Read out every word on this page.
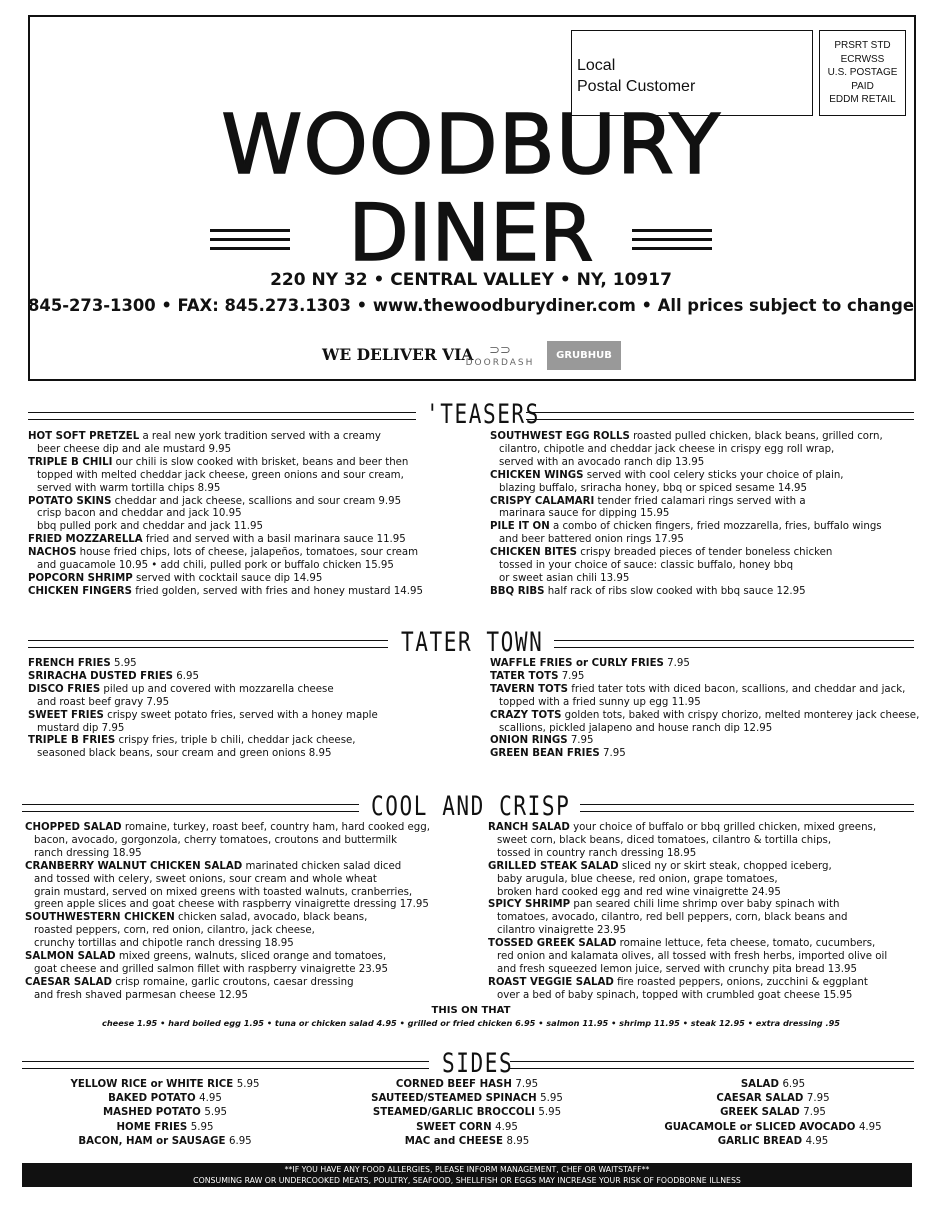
Local
Postal Customer
PRSRT STD
ECRWSS
U.S. POSTAGE
PAID
EDDM RETAIL
WOODBURY
DINER
220 NY 32 • CENTRAL VALLEY • NY, 10917
845-273-1300 • FAX: 845.273.1303 • www.thewoodburydiner.com • All prices subject to change
WE DELIVER VIA	⊃⊃
DOORDASH
GRUBHUB
'TEASERS
HOT SOFT PRETZEL a real new york tradition served with a creamy
beer cheese dip and ale mustard 9.95
TRIPLE B CHILI our chili is slow cooked with brisket, beans and beer then
topped with melted cheddar jack cheese, green onions and sour cream,
served with warm tortilla chips 8.95
POTATO SKINS cheddar and jack cheese, scallions and sour cream 9.95
crisp bacon and cheddar and jack 10.95
bbq pulled pork and cheddar and jack 11.95
FRIED MOZZARELLA fried and served with a basil marinara sauce 11.95
NACHOS house fried chips, lots of cheese, jalapeños, tomatoes, sour cream
and guacamole 10.95 • add chili, pulled pork or buffalo chicken 15.95
POPCORN SHRIMP served with cocktail sauce dip 14.95
CHICKEN FINGERS fried golden, served with fries and honey mustard 14.95
SOUTHWEST EGG ROLLS roasted pulled chicken, black beans, grilled corn,
cilantro, chipotle and cheddar jack cheese in crispy egg roll wrap,
served with an avocado ranch dip 13.95
CHICKEN WINGS served with cool celery sticks your choice of plain,
blazing buffalo, sriracha honey, bbq or spiced sesame 14.95
CRISPY CALAMARI tender fried calamari rings served with a
marinara sauce for dipping 15.95
PILE IT ON a combo of chicken fingers, fried mozzarella, fries, buffalo wings
and beer battered onion rings 17.95
CHICKEN BITES crispy breaded pieces of tender boneless chicken
tossed in your choice of sauce: classic buffalo, honey bbq
or sweet asian chili 13.95
BBQ RIBS half rack of ribs slow cooked with bbq sauce 12.95
TATER TOWN
FRENCH FRIES 5.95
SRIRACHA DUSTED FRIES 6.95
DISCO FRIES piled up and covered with mozzarella cheese
and roast beef gravy 7.95
SWEET FRIES crispy sweet potato fries, served with a honey maple
mustard dip 7.95
TRIPLE B FRIES crispy fries, triple b chili, cheddar jack cheese,
seasoned black beans, sour cream and green onions 8.95
WAFFLE FRIES or CURLY FRIES 7.95
TATER TOTS 7.95
TAVERN TOTS fried tater tots with diced bacon, scallions, and cheddar and jack,
topped with a fried sunny up egg 11.95
CRAZY TOTS golden tots, baked with crispy chorizo, melted monterey jack cheese,
scallions, pickled jalapeno and house ranch dip 12.95
ONION RINGS 7.95
GREEN BEAN FRIES 7.95
COOL AND CRISP
CHOPPED SALAD romaine, turkey, roast beef, country ham, hard cooked egg,
bacon, avocado, gorgonzola, cherry tomatoes, croutons and buttermilk
ranch dressing 18.95
CRANBERRY WALNUT CHICKEN SALAD marinated chicken salad diced
and tossed with celery, sweet onions, sour cream and whole wheat
grain mustard, served on mixed greens with toasted walnuts, cranberries,
green apple slices and goat cheese with raspberry vinaigrette dressing 17.95
SOUTHWESTERN CHICKEN chicken salad, avocado, black beans,
roasted peppers, corn, red onion, cilantro, jack cheese,
crunchy tortillas and chipotle ranch dressing 18.95
SALMON SALAD mixed greens, walnuts, sliced orange and tomatoes,
goat cheese and grilled salmon fillet with raspberry vinaigrette 23.95
CAESAR SALAD crisp romaine, garlic croutons, caesar dressing
and fresh shaved parmesan cheese 12.95
RANCH SALAD your choice of buffalo or bbq grilled chicken, mixed greens,
sweet corn, black beans, diced tomatoes, cilantro & tortilla chips,
tossed in country ranch dressing 18.95
GRILLED STEAK SALAD sliced ny or skirt steak, chopped iceberg,
baby arugula, blue cheese, red onion, grape tomatoes,
broken hard cooked egg and red wine vinaigrette 24.95
SPICY SHRIMP pan seared chili lime shrimp over baby spinach with
tomatoes, avocado, cilantro, red bell peppers, corn, black beans and
cilantro vinaigrette 23.95
TOSSED GREEK SALAD romaine lettuce, feta cheese, tomato, cucumbers,
red onion and kalamata olives, all tossed with fresh herbs, imported olive oil
and fresh squeezed lemon juice, served with crunchy pita bread 13.95
ROAST VEGGIE SALAD fire roasted peppers, onions, zucchini & eggplant
over a bed of baby spinach, topped with crumbled goat cheese 15.95
THIS ON THAT
cheese 1.95 • hard boiled egg 1.95 • tuna or chicken salad 4.95 • grilled or fried chicken 6.95 • salmon 11.95 • shrimp 11.95 • steak 12.95 • extra dressing .95
SIDES
YELLOW RICE or WHITE RICE 5.95
BAKED POTATO 4.95
MASHED POTATO 5.95
HOME FRIES 5.95
BACON, HAM or SAUSAGE 6.95
CORNED BEEF HASH 7.95
SAUTEED/STEAMED SPINACH 5.95
STEAMED/GARLIC BROCCOLI 5.95
SWEET CORN 4.95
MAC and CHEESE 8.95
SALAD 6.95
CAESAR SALAD 7.95
GREEK SALAD 7.95
GUACAMOLE or SLICED AVOCADO 4.95
GARLIC BREAD 4.95
**IF YOU HAVE ANY FOOD ALLERGIES, PLEASE INFORM MANAGEMENT, CHEF OR WAITSTAFF**
CONSUMING RAW OR UNDERCOOKED MEATS, POULTRY, SEAFOOD, SHELLFISH OR EGGS MAY INCREASE YOUR RISK OF FOODBORNE ILLNESS
